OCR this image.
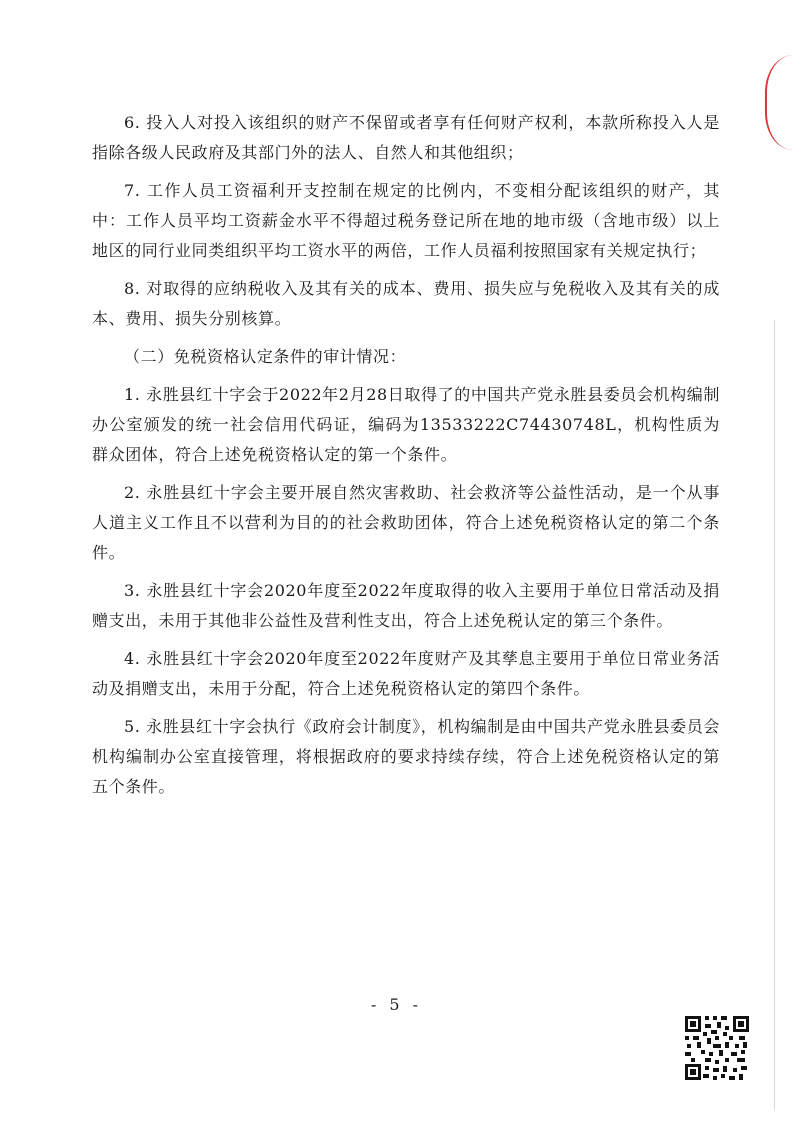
6. 投入人对投入该组织的财产不保留或者享有任何财产权利，本款所称投入人是指除各级人民政府及其部门外的法人、自然人和其他组织；

7. 工作人员工资福利开支控制在规定的比例内，不变相分配该组织的财产，其中：工作人员平均工资薪金水平不得超过税务登记所在地的地市级（含地市级）以上地区的同行业同类组织平均工资水平的两倍，工作人员福利按照国家有关规定执行；

8. 对取得的应纳税收入及其有关的成本、费用、损失应与免税收入及其有关的成本、费用、损失分别核算。

（二）免税资格认定条件的审计情况：

1. 永胜县红十字会于2022年2月28日取得了的中国共产党永胜县委员会机构编制办公室颁发的统一社会信用代码证，编码为13533222C74430748L，机构性质为群众团体，符合上述免税资格认定的第一个条件。

2. 永胜县红十字会主要开展自然灾害救助、社会救济等公益性活动，是一个从事人道主义工作且不以营利为目的的社会救助团体，符合上述免税资格认定的第二个条件。

3. 永胜县红十字会2020年度至2022年度取得的收入主要用于单位日常活动及捐赠支出，未用于其他非公益性及营利性支出，符合上述免税认定的第三个条件。

4. 永胜县红十字会2020年度至2022年度财产及其孳息主要用于单位日常业务活动及捐赠支出，未用于分配，符合上述免税资格认定的第四个条件。

5. 永胜县红十字会执行《政府会计制度》，机构编制是由中国共产党永胜县委员会机构编制办公室直接管理，将根据政府的要求持续存续，符合上述免税资格认定的第五个条件。

- 5 -
